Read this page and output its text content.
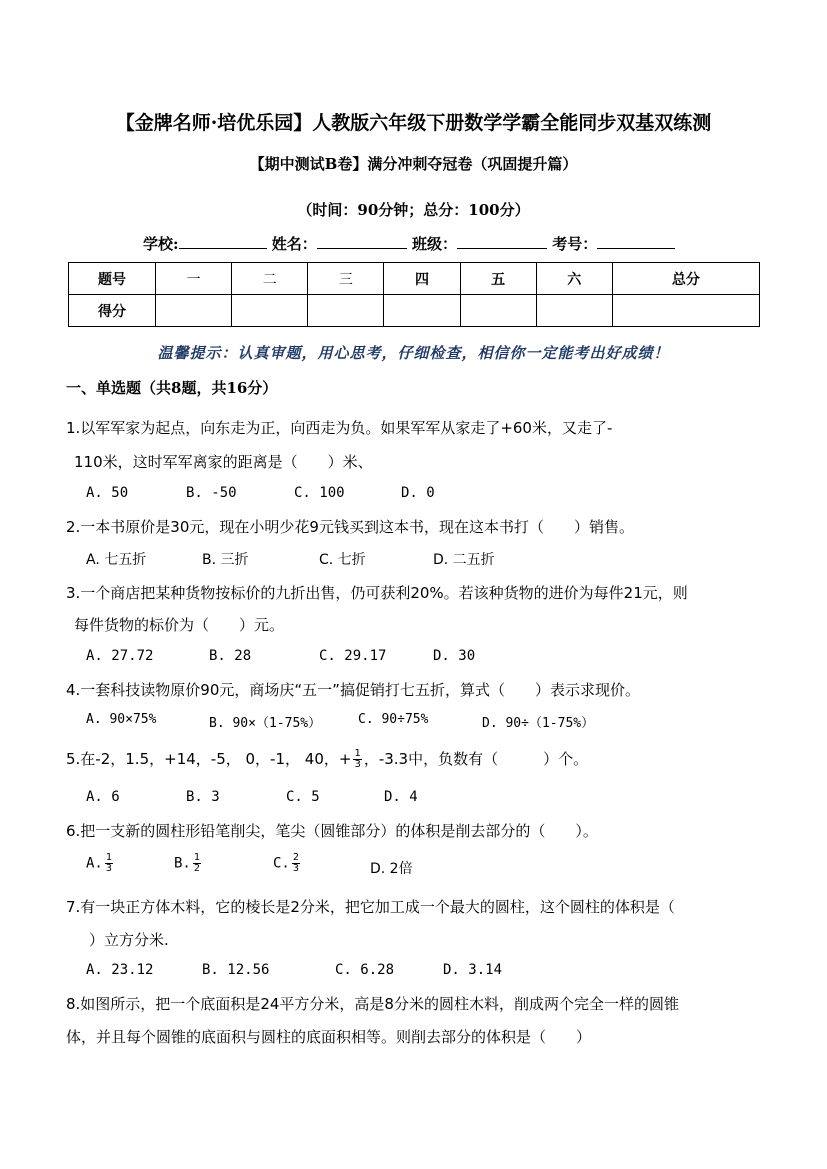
【金牌名师·培优乐园】人教版六年级下册数学学霸全能同步双基双练测
【期中测试B卷】满分冲刺夺冠卷（巩固提升篇）
（时间：90分钟；总分：100分）
学校:	姓名：	班级：	考号：
题号	一	二	三	四	五	六	总分
得分							
温馨提示：认真审题，用心思考，仔细检查，相信你一定能考出好成绩！
一、单选题（共8题，共16分）
1.以军军家为起点，向东走为正，向西走为负。如果军军从家走了+60米，又走了-
110米，这时军军离家的距离是（　　）米、
A. 50	B. -50	C. 100	D. 0
2.一本书原价是30元，现在小明少花9元钱买到这本书，现在这本书打（　　）销售。
A. 七五折	B. 三折	C. 七折	D. 二五折
3.一个商店把某种货物按标价的九折出售，仍可获利20%。若该种货物的进价为每件21元，则
每件货物的标价为（　　）元。
A. 27.72	B. 28	C. 29.17	D. 30
4.一套科技读物原价90元，商场庆“五一”搞促销打七五折，算式（　　）表示求现价。
A. 90×75%	B. 90×（1-75%）	C. 90÷75%	D. 90÷（1-75%）
5.在-2，1.5，+14，-5， 0，-1， 40，+ $\frac{1}{3}$ ，-3.3中，负数有（　　　）个。
A. 6	B. 3	C. 5	D. 4
6.把一支新的圆柱形铅笔削尖，笔尖（圆锥部分）的体积是削去部分的（　　）。
A. $\frac{1}{3}$	B. $\frac{1}{2}$	C. $\frac{2}{3}$	D. 2倍
7.有一块正方体木料，它的棱长是2分米，把它加工成一个最大的圆柱，这个圆柱的体积是（
　）立方分米.
A. 23.12	B. 12.56	C. 6.28	D. 3.14
8.如图所示，把一个底面积是24平方分米，高是8分米的圆柱木料，削成两个完全一样的圆锥
体，并且每个圆锥的底面积与圆柱的底面积相等。则削去部分的体积是（　　）
